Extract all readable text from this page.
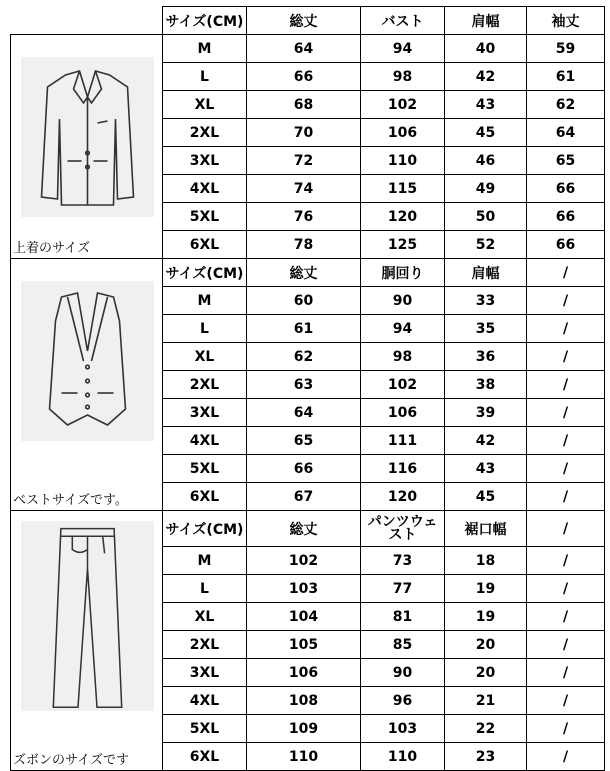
	サイズ(CM)	総丈	バスト	肩幅	袖丈

上着のサイズ	M	64	94	40	59
	L	66	98	42	61
	XL	68	102	43	62
	2XL	70	106	45	64
	3XL	72	110	46	65
	4XL	74	115	49	66
	5XL	76	120	50	66
	6XL	78	125	52	66

ベストサイズです。	サイズ(CM)	総丈	胴回り	肩幅	/
	M	60	90	33	/
	L	61	94	35	/
	XL	62	98	36	/
	2XL	63	102	38	/
	3XL	64	106	39	/
	4XL	65	111	42	/
	5XL	66	116	43	/
	6XL	67	120	45	/

ズボンのサイズです	サイズ(CM)	総丈	パンツウェスト	裾口幅	/
	M	102	73	18	/
	L	103	77	19	/
	XL	104	81	19	/
	2XL	105	85	20	/
	3XL	106	90	20	/
	4XL	108	96	21	/
	5XL	109	103	22	/
	6XL	110	110	23	/
